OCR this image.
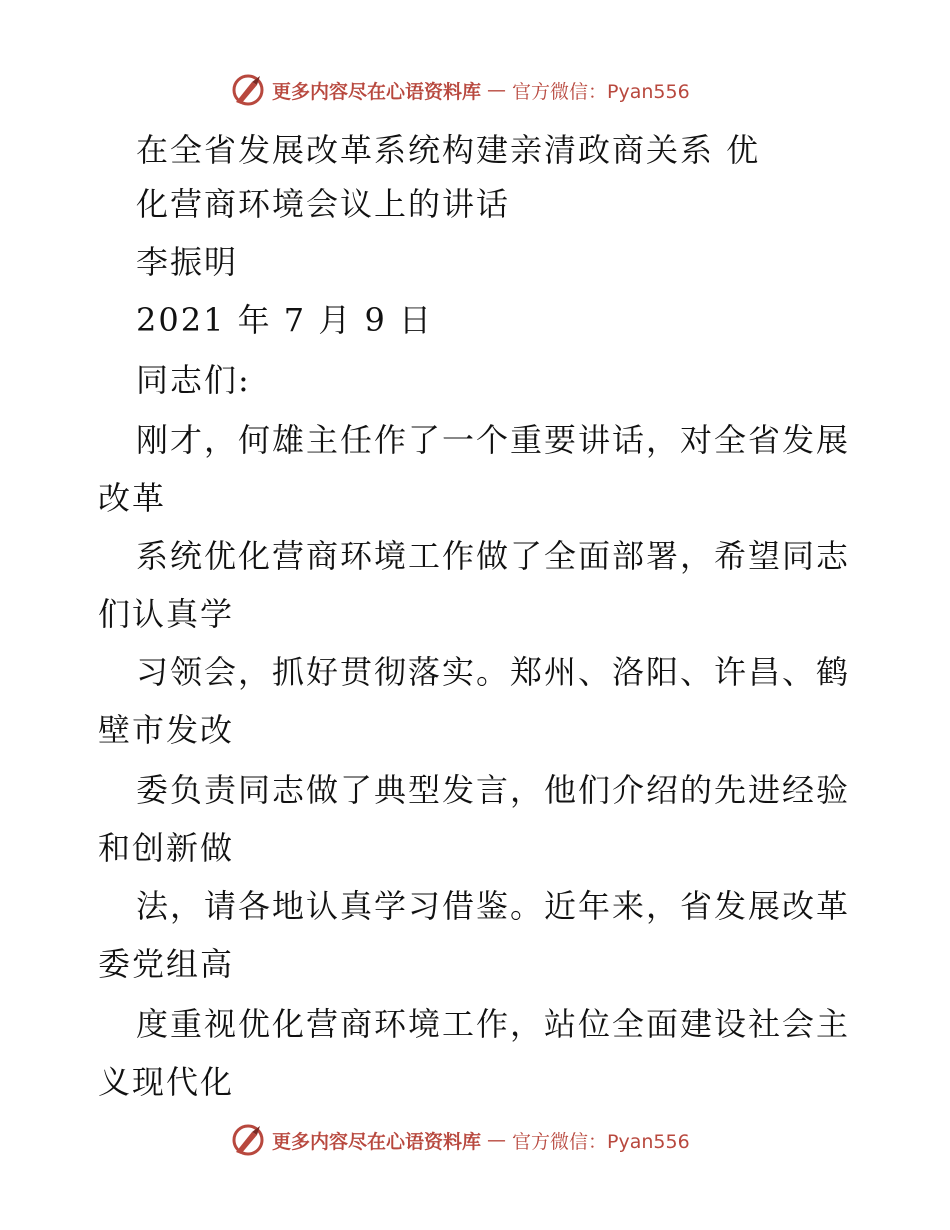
更多内容尽在心语资料库 — 官方微信：Pyan556
在全省发展改革系统构建亲清政商关系 优
化营商环境会议上的讲话
李振明
2021 年 7 月 9 日
同志们:
刚才，何雄主任作了一个重要讲话，对全省发展
改革
系统优化营商环境工作做了全面部署，希望同志
们认真学
习领会，抓好贯彻落实。郑州、洛阳、许昌、鹤
壁市发改
委负责同志做了典型发言，他们介绍的先进经验
和创新做
法，请各地认真学习借鉴。近年来，省发展改革
委党组高
度重视优化营商环境工作，站位全面建设社会主
义现代化
更多内容尽在心语资料库 — 官方微信：Pyan556
